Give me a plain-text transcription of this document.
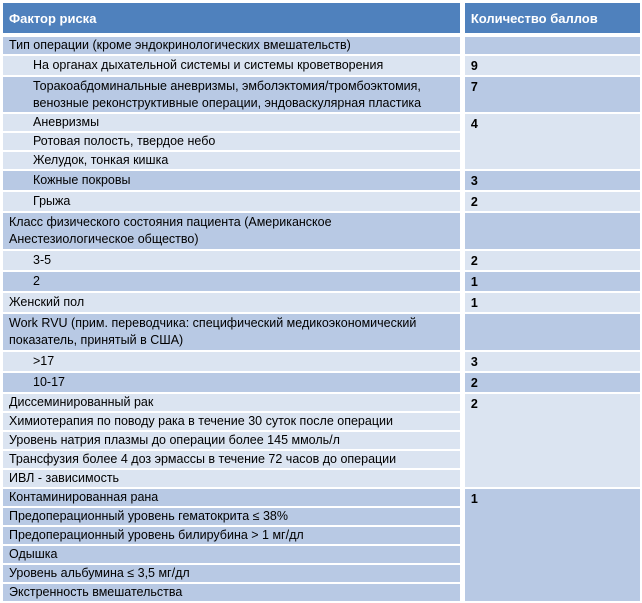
Фактор риска	Количество баллов
Тип операции (кроме эндокринологических вмешательств)	
На органах дыхательной системы и системы кроветворения	9
Торакоабдоминальные аневризмы, эмболэктомия/тромбоэктомия, венозные реконструктивные операции, эндоваскулярная пластика	7
Аневризмы	4
Ротовая полость, твердое небо	
Желудок, тонкая кишка	
Кожные покровы	3
Грыжа	2
Класс физического состояния пациента (Американское Анестезиологическое общество)	
3-5	2
2	1
Женский пол	1
Work RVU (прим. переводчика: специфический медикоэкономический показатель, принятый в США)	
>17	3
10-17	2
Диссеминированный рак	2
Химиотерапия по поводу рака в течение 30 суток после операции	
Уровень натрия плазмы до операции более 145 ммоль/л	
Трансфузия более 4 доз эрмассы в течение 72 часов до операции	
ИВЛ - зависимость	
Контаминированная рана	1
Предоперационный уровень гематокрита ≤ 38%	
Предоперационный уровень билирубина > 1 мг/дл	
Одышка	
Уровень альбумина ≤ 3,5 мг/дл	
Экстренность вмешательства	
